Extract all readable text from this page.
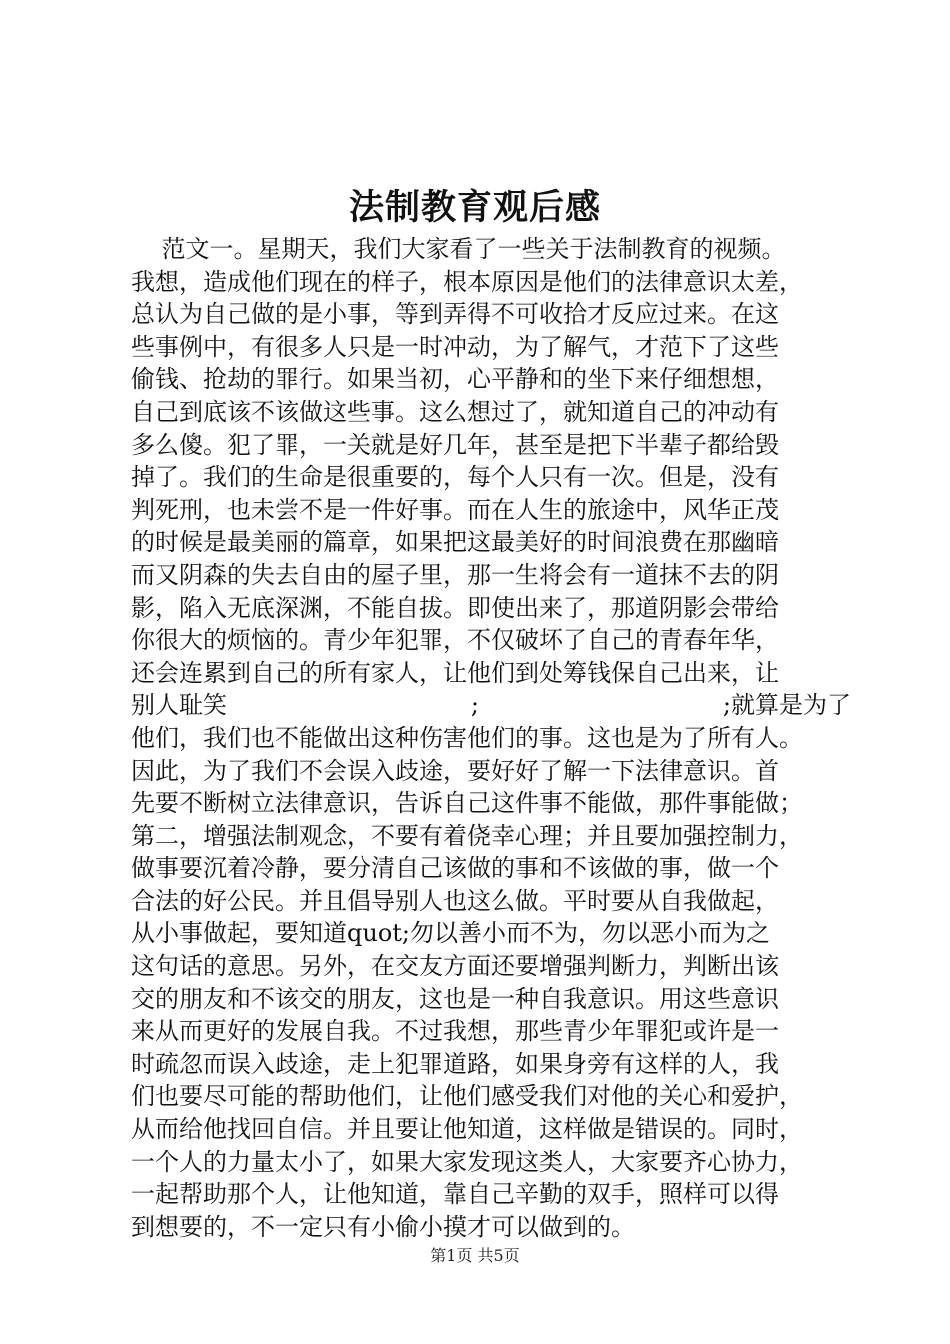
法制教育观后感
范文一。星期天，我们大家看了一些关于法制教育的视频。
我想，造成他们现在的样子，根本原因是他们的法律意识太差，
总认为自己做的是小事，等到弄得不可收拾才反应过来。在这
些事例中，有很多人只是一时冲动，为了解气，才范下了这些
偷钱、抢劫的罪行。如果当初，心平静和的坐下来仔细想想，
自己到底该不该做这些事。这么想过了，就知道自己的冲动有
多么傻。犯了罪，一关就是好几年，甚至是把下半辈子都给毁
掉了。我们的生命是很重要的，每个人只有一次。但是，没有
判死刑，也未尝不是一件好事。而在人生的旅途中，风华正茂
的时候是最美丽的篇章，如果把这最美好的时间浪费在那幽暗
而又阴森的失去自由的屋子里，那一生将会有一道抹不去的阴
影，陷入无底深渊，不能自拔。即使出来了，那道阴影会带给
你很大的烦恼的。青少年犯罪，不仅破坏了自己的青春年华，
还会连累到自己的所有家人，让他们到处筹钱保自己出来，让
别人耻笑	;	;就算是为了
他们，我们也不能做出这种伤害他们的事。这也是为了所有人。
因此，为了我们不会误入歧途，要好好了解一下法律意识。首
先要不断树立法律意识，告诉自己这件事不能做，那件事能做；
第二，增强法制观念，不要有着侥幸心理；并且要加强控制力，
做事要沉着冷静，要分清自己该做的事和不该做的事，做一个
合法的好公民。并且倡导别人也这么做。平时要从自我做起，
从小事做起，要知道quot;勿以善小而不为，勿以恶小而为之
这句话的意思。另外，在交友方面还要增强判断力，判断出该
交的朋友和不该交的朋友，这也是一种自我意识。用这些意识
来从而更好的发展自我。不过我想，那些青少年罪犯或许是一
时疏忽而误入歧途，走上犯罪道路，如果身旁有这样的人，我
们也要尽可能的帮助他们，让他们感受我们对他的关心和爱护，
从而给他找回自信。并且要让他知道，这样做是错误的。同时，
一个人的力量太小了，如果大家发现这类人，大家要齐心协力，
一起帮助那个人，让他知道，靠自己辛勤的双手，照样可以得
到想要的，不一定只有小偷小摸才可以做到的。
第1页 共5页
